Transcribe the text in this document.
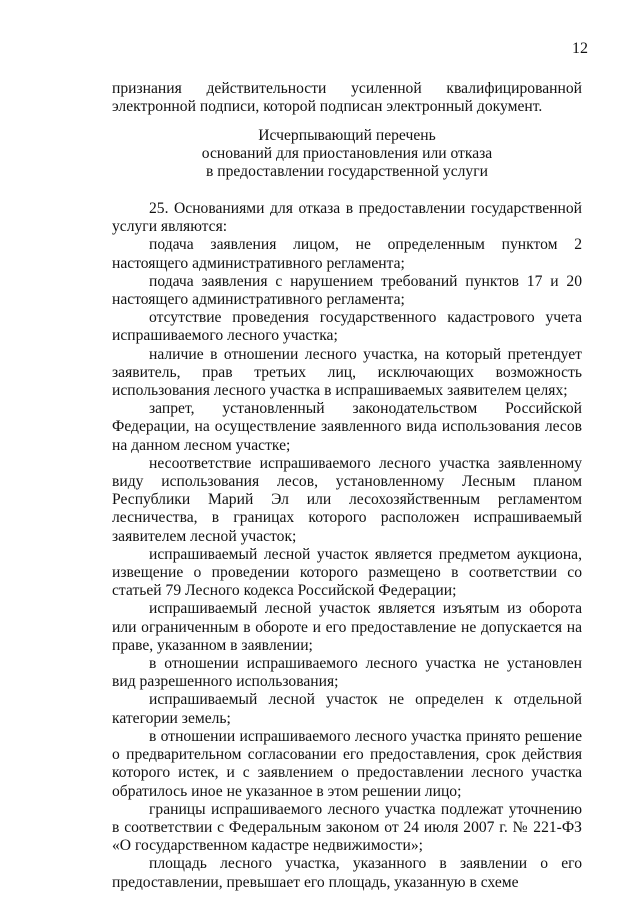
12

признания действительности усиленной квалифицированной электронной подписи, которой подписан электронный документ.

Исчерпывающий перечень
оснований для приостановления или отказа
в предоставлении государственной услуги

25. Основаниями для отказа в предоставлении государственной услуги являются:

подача заявления лицом, не определенным пунктом 2 настоящего административного регламента;

подача заявления с нарушением требований пунктов 17 и 20 настоящего административного регламента;

отсутствие проведения государственного кадастрового учета испрашиваемого лесного участка;

наличие в отношении лесного участка, на который претендует заявитель, прав третьих лиц, исключающих возможность использования лесного участка в испрашиваемых заявителем целях;

запрет, установленный законодательством Российской Федерации, на осуществление заявленного вида использования лесов на данном лесном участке;

несоответствие испрашиваемого лесного участка заявленному виду использования лесов, установленному Лесным планом Республики Марий Эл или лесохозяйственным регламентом лесничества, в границах которого расположен испрашиваемый заявителем лесной участок;

испрашиваемый лесной участок является предметом аукциона, извещение о проведении которого размещено в соответствии со статьей 79 Лесного кодекса Российской Федерации;

испрашиваемый лесной участок является изъятым из оборота или ограниченным в обороте и его предоставление не допускается на праве, указанном в заявлении;

в отношении испрашиваемого лесного участка не установлен вид разрешенного использования;

испрашиваемый лесной участок не определен к отдельной категории земель;

в отношении испрашиваемого лесного участка принято решение о предварительном согласовании его предоставления, срок действия которого истек, и с заявлением о предоставлении лесного участка обратилось иное не указанное в этом решении лицо;

границы испрашиваемого лесного участка подлежат уточнению в соответствии с Федеральным законом от 24 июля 2007 г. № 221-ФЗ «О государственном кадастре недвижимости»;

площадь лесного участка, указанного в заявлении о его предоставлении, превышает его площадь, указанную в схеме
